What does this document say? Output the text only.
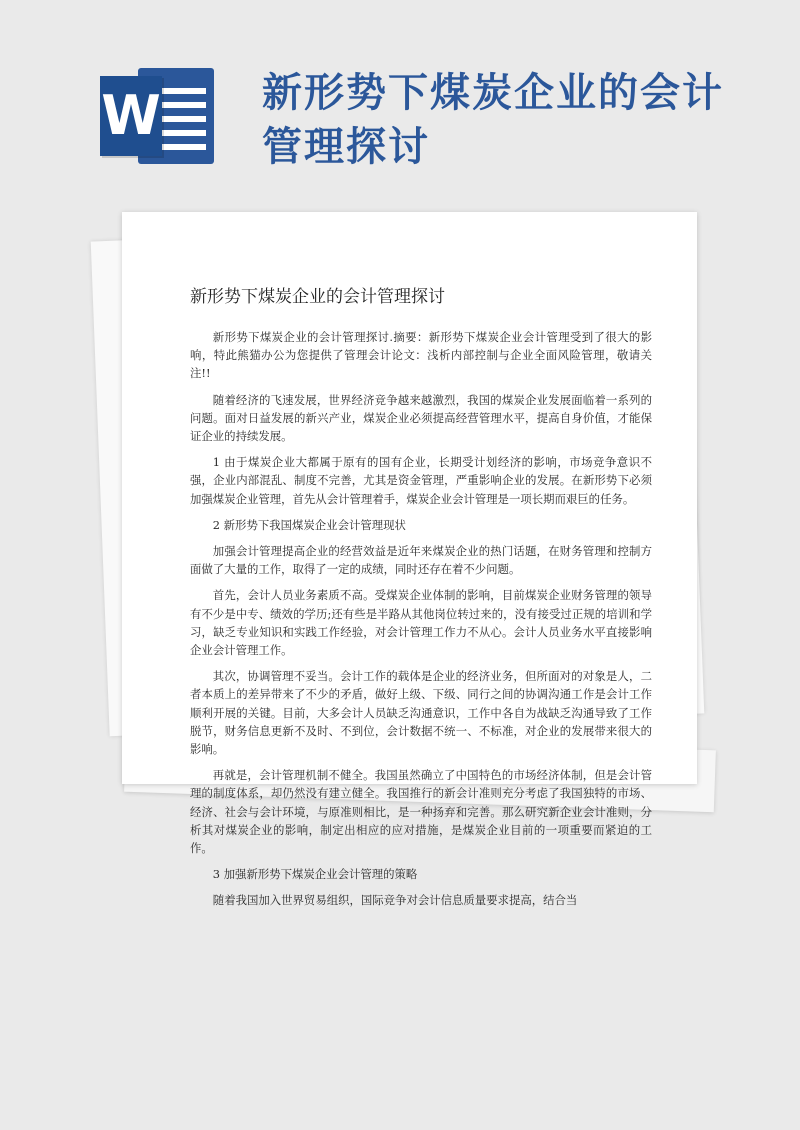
W	新形势下煤炭企业的会计管理探讨
新形势下煤炭企业的会计管理探讨

新形势下煤炭企业的会计管理探讨.摘要：新形势下煤炭企业会计管理受到了很大的影响，特此熊猫办公为您提供了管理会计论文：浅析内部控制与企业全面风险管理，敬请关注!!

随着经济的飞速发展，世界经济竞争越来越激烈，我国的煤炭企业发展面临着一系列的问题。面对日益发展的新兴产业，煤炭企业必须提高经营管理水平，提高自身价值，才能保证企业的持续发展。

1 由于煤炭企业大都属于原有的国有企业，长期受计划经济的影响，市场竞争意识不强，企业内部混乱、制度不完善，尤其是资金管理，严重影响企业的发展。在新形势下必须加强煤炭企业管理，首先从会计管理着手，煤炭企业会计管理是一项长期而艰巨的任务。

2 新形势下我国煤炭企业会计管理现状

加强会计管理提高企业的经营效益是近年来煤炭企业的热门话题，在财务管理和控制方面做了大量的工作，取得了一定的成绩，同时还存在着不少问题。

首先，会计人员业务素质不高。受煤炭企业体制的影响，目前煤炭企业财务管理的领导有不少是中专、绩效的学历;还有些是半路从其他岗位转过来的，没有接受过正规的培训和学习，缺乏专业知识和实践工作经验，对会计管理工作力不从心。会计人员业务水平直接影响企业会计管理工作。

其次，协调管理不妥当。会计工作的载体是企业的经济业务，但所面对的对象是人，二者本质上的差异带来了不少的矛盾，做好上级、下级、同行之间的协调沟通工作是会计工作顺利开展的关键。目前，大多会计人员缺乏沟通意识，工作中各自为战缺乏沟通导致了工作脱节，财务信息更新不及时、不到位，会计数据不统一、不标准，对企业的发展带来很大的影响。

再就是，会计管理机制不健全。我国虽然确立了中国特色的市场经济体制，但是会计管理的制度体系，却仍然没有建立健全。我国推行的新会计准则充分考虑了我国独特的市场、经济、社会与会计环境，与原准则相比，是一种扬弃和完善。那么研究新企业会计准则，分析其对煤炭企业的影响，制定出相应的应对措施，是煤炭企业目前的一项重要而紧迫的工作。

3 加强新形势下煤炭企业会计管理的策略

随着我国加入世界贸易组织，国际竞争对会计信息质量要求提高，结合当
